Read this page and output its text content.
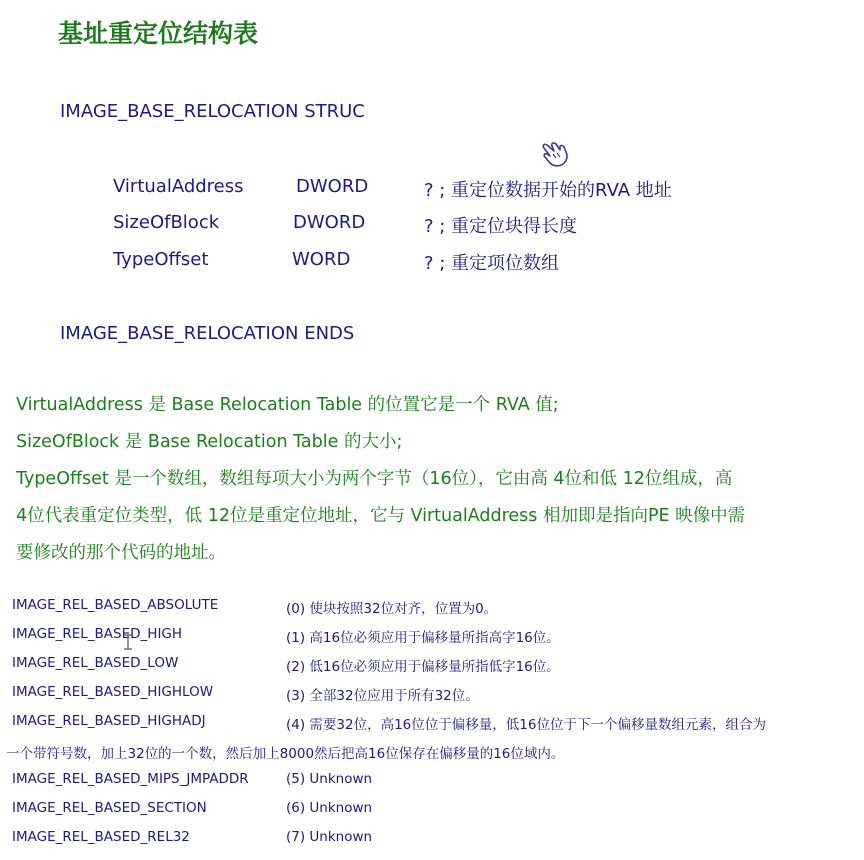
基址重定位结构表
IMAGE_BASE_RELOCATION STRUC
VirtualAddress	DWORD	? ; 重定位数据开始的RVA 地址
SizeOfBlock	DWORD	? ; 重定位块得长度
TypeOffset	WORD	? ; 重定项位数组
IMAGE_BASE_RELOCATION ENDS
VirtualAddress 是 Base Relocation Table 的位置它是一个 RVA 值;
SizeOfBlock 是 Base Relocation Table 的大小;
TypeOffset 是一个数组，数组每项大小为两个字节（16位），它由高 4位和低 12位组成，高
4位代表重定位类型，低 12位是重定位地址，它与 VirtualAddress 相加即是指向PE 映像中需
要修改的那个代码的地址。
IMAGE_REL_BASED_ABSOLUTE	(0) 使块按照32位对齐，位置为0。
IMAGE_REL_BASED_HIGH	(1) 高16位必须应用于偏移量所指高字16位。
IMAGE_REL_BASED_LOW	(2) 低16位必须应用于偏移量所指低字16位。
IMAGE_REL_BASED_HIGHLOW	(3) 全部32位应用于所有32位。
IMAGE_REL_BASED_HIGHADJ	(4) 需要32位，高16位位于偏移量，低16位位于下一个偏移量数组元素，组合为
一个带符号数，加上32位的一个数，然后加上8000然后把高16位保存在偏移量的16位域内。
IMAGE_REL_BASED_MIPS_JMPADDR	(5) Unknown
IMAGE_REL_BASED_SECTION	(6) Unknown
IMAGE_REL_BASED_REL32	(7) Unknown
